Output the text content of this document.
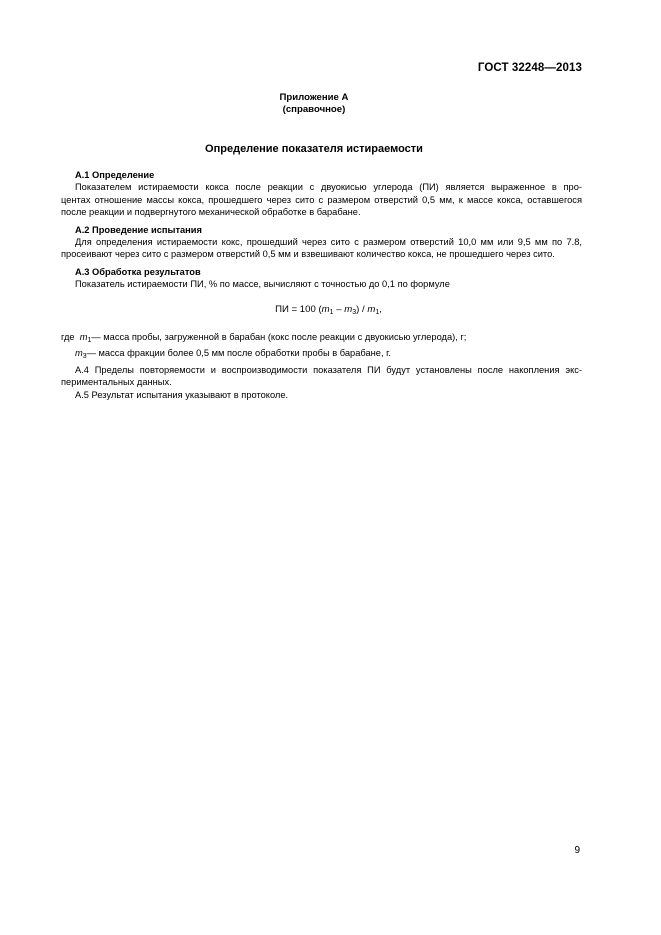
ГОСТ 32248—2013
Приложение А
(справочное)
Определение показателя истираемости
А.1 Определение
Показателем истираемости кокса после реакции с двуокисью углерода (ПИ) является выраженное в про-
центах отношение массы кокса, прошедшего через сито с размером отверстий 0,5 мм, к массе кокса, оставшегося
после реакции и подвергнутого механической обработке в барабане.
А.2 Проведение испытания
Для определения истираемости кокс, прошедший через сито с размером отверстий 10,0 мм или 9,5 мм по 7.8,
просеивают через сито с размером отверстий 0,5 мм и взвешивают количество кокса, не прошедшего через сито.
А.3 Обработка результатов
Показатель истираемости ПИ, % по массе, вычисляют с точностью до 0,1 по формуле
ПИ = 100 $(m_1 - m_3) / m_1$,
где $m_1—$ масса пробы, загруженной в барабан (кокс после реакции с двуокисью углерода), г;
$m_3—$ масса фракции более 0,5 мм после обработки пробы в барабане, г.
А.4 Пределы повторяемости и воспроизводимости показателя ПИ будут установлены после накопления экс-
периментальных данных.
А.5 Результат испытания указывают в протоколе.
9
